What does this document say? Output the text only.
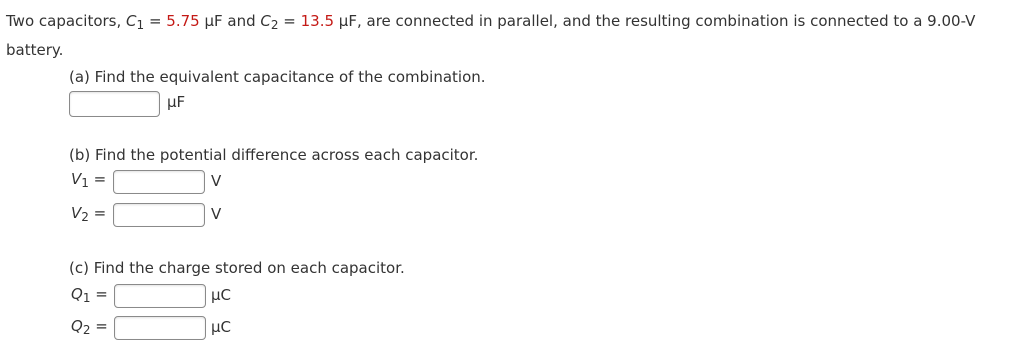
Two capacitors, $C_1 = 5.75$ μF and $C_2 = 13.5$ μF, are connected in parallel, and the resulting combination is connected to a 9.00-V
battery.
(a) Find the equivalent capacitance of the combination.
μF
(b) Find the potential difference across each capacitor.
$V_1$ =	V
$V_2$ =	V
(c) Find the charge stored on each capacitor.
$Q_1$ =	μC
$Q_2$ =	μC
